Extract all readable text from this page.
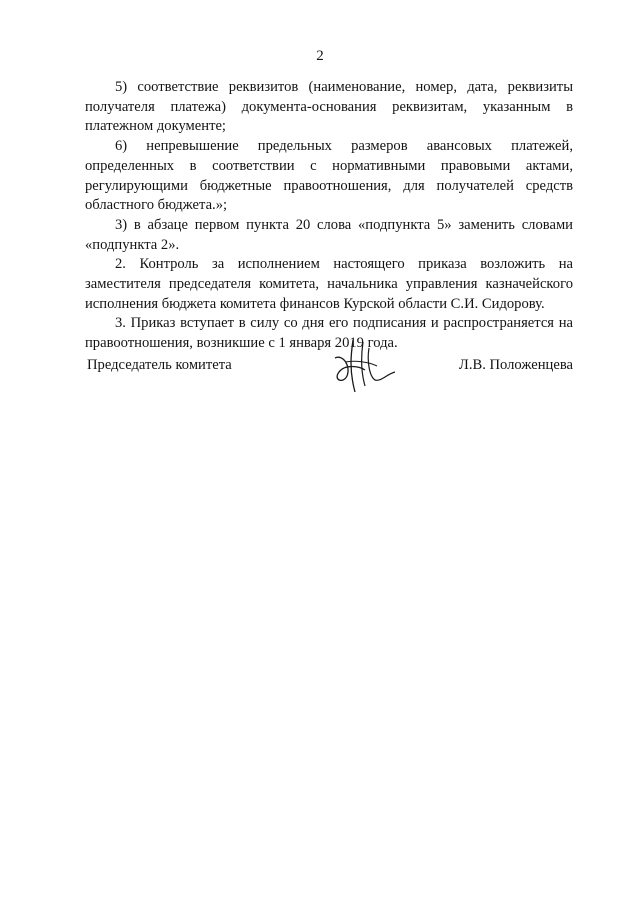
2

5) соответствие реквизитов (наименование, номер, дата, реквизиты получателя платежа) документа-основания реквизитам, указанным в платежном документе;

6) непревышение предельных размеров авансовых платежей, определенных в соответствии с нормативными правовыми актами, регулирующими бюджетные правоотношения, для получателей средств областного бюджета.»;

3) в абзаце первом пункта 20 слова «подпункта 5» заменить словами «подпункта 2».

2. Контроль за исполнением настоящего приказа возложить на заместителя председателя комитета, начальника управления казначейского исполнения бюджета комитета финансов Курской области С.И. Сидорову.

3. Приказ вступает в силу со дня его подписания и распространяется на правоотношения, возникшие с 1 января 2019 года.

Председатель комитета	Л.В. Положенцева
